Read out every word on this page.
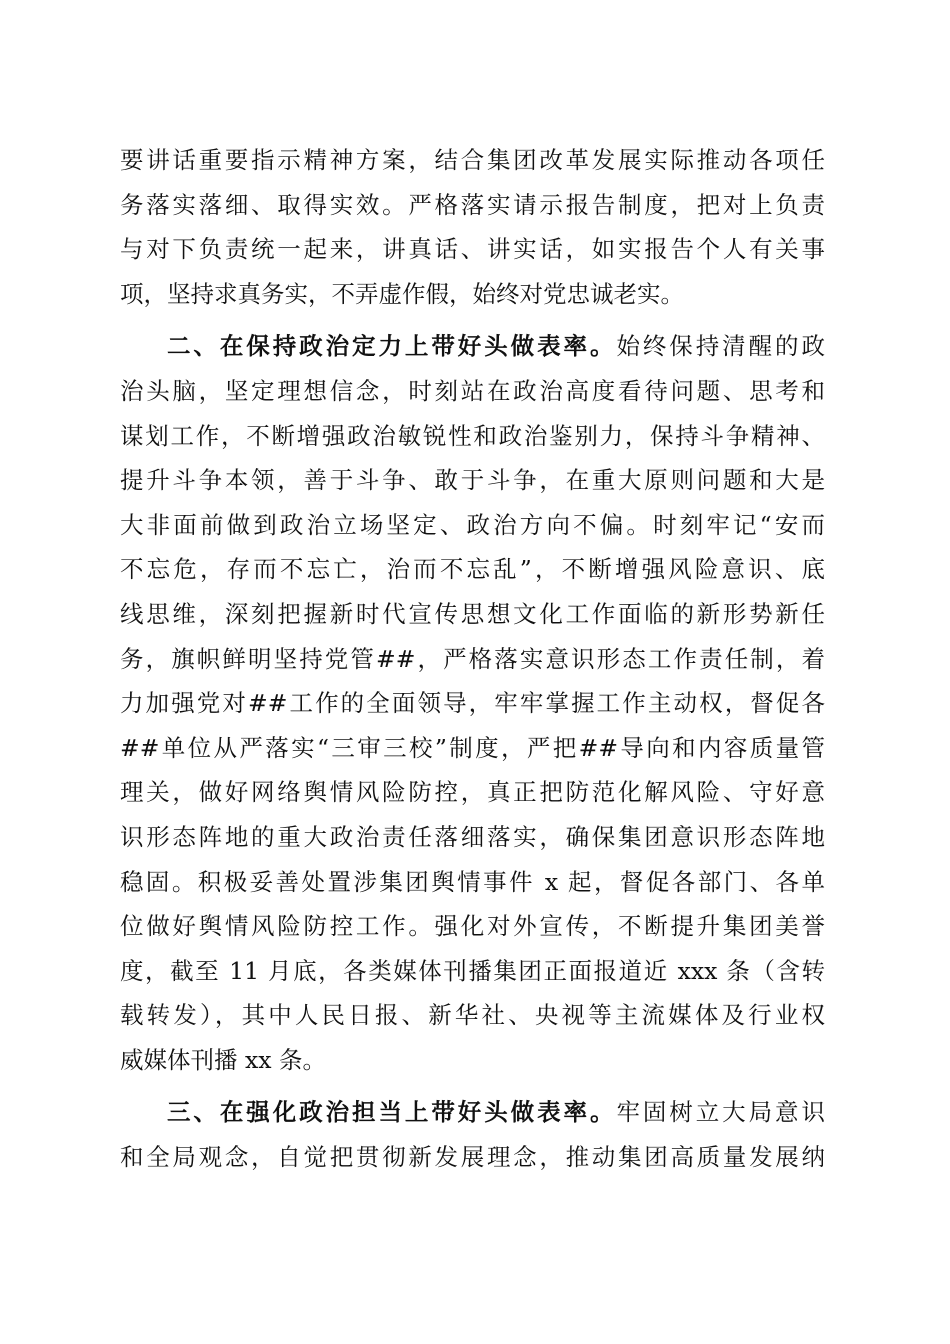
要讲话重要指示精神方案，结合集团改革发展实际推动各项任
务落实落细、取得实效。严格落实请示报告制度，把对上负责
与对下负责统一起来，讲真话、讲实话，如实报告个人有关事
项，坚持求真务实，不弄虚作假，始终对党忠诚老实。
二、在保持政治定力上带好头做表率。始终保持清醒的政
治头脑，坚定理想信念，时刻站在政治高度看待问题、思考和
谋划工作，不断增强政治敏锐性和政治鉴别力，保持斗争精神、
提升斗争本领，善于斗争、敢于斗争，在重大原则问题和大是
大非面前做到政治立场坚定、政治方向不偏。时刻牢记“安而
不忘危，存而不忘亡，治而不忘乱”，不断增强风险意识、底
线思维，深刻把握新时代宣传思想文化工作面临的新形势新任
务，旗帜鲜明坚持党管##，严格落实意识形态工作责任制，着
力加强党对##工作的全面领导，牢牢掌握工作主动权，督促各
##单位从严落实“三审三校”制度，严把##导向和内容质量管
理关，做好网络舆情风险防控，真正把防范化解风险、守好意
识形态阵地的重大政治责任落细落实，确保集团意识形态阵地
稳固。积极妥善处置涉集团舆情事件 x 起，督促各部门、各单
位做好舆情风险防控工作。强化对外宣传，不断提升集团美誉
度，截至 11 月底，各类媒体刊播集团正面报道近 xxx 条（含转
载转发），其中人民日报、新华社、央视等主流媒体及行业权
威媒体刊播 xx 条。
三、在强化政治担当上带好头做表率。牢固树立大局意识
和全局观念，自觉把贯彻新发展理念，推动集团高质量发展纳
